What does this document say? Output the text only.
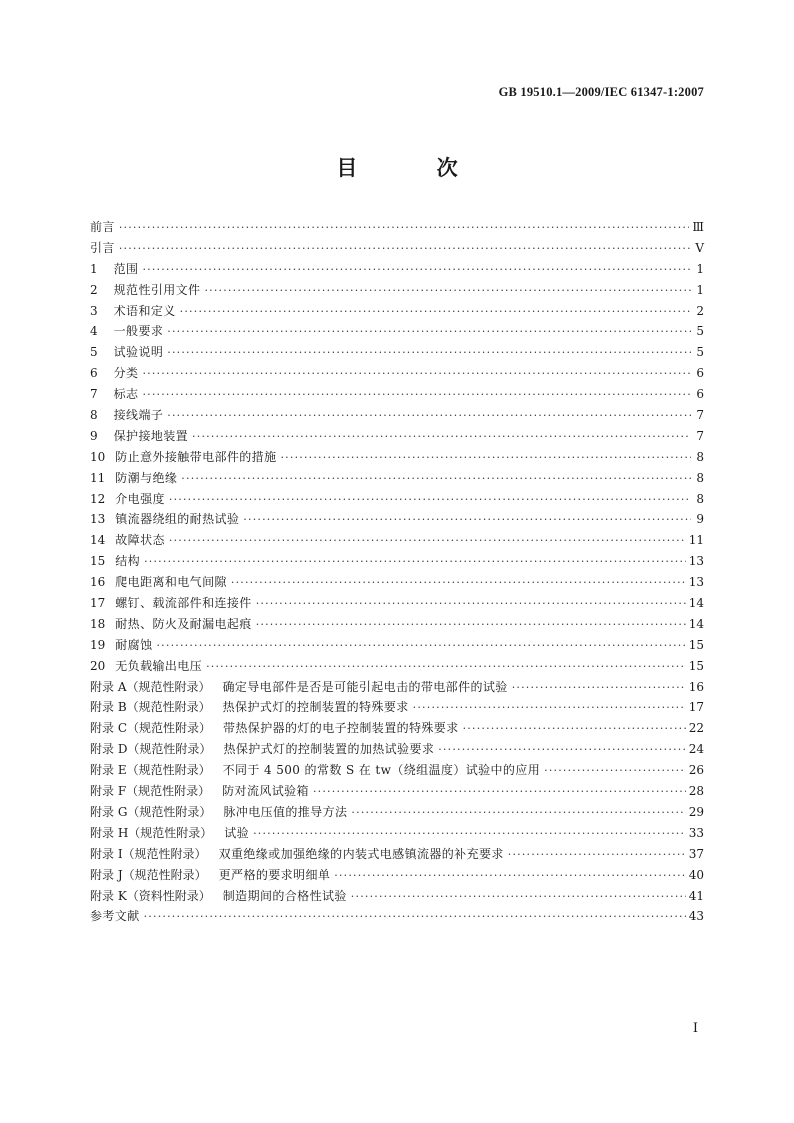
GB 19510.1—2009/IEC 61347-1:2007
目 次
前言 ·····	Ⅲ
引言 ·····	Ⅴ
1 范围 ·····	1
2 规范性引用文件 ·····	1
3 术语和定义 ·····	2
4 一般要求 ·····	5
5 试验说明 ·····	5
6 分类 ·····	6
7 标志 ·····	6
8 接线端子 ·····	7
9 保护接地装置 ·····	7
10 防止意外接触带电部件的措施 ·····	8
11 防潮与绝缘 ·····	8
12 介电强度 ·····	8
13 镇流器绕组的耐热试验 ·····	9
14 故障状态 ·····	11
15 结构 ·····	13
16 爬电距离和电气间隙 ·····	13
17 螺钉、载流部件和连接件 ·····	14
18 耐热、防火及耐漏电起痕 ·····	14
19 耐腐蚀 ·····	15
20 无负载输出电压 ·····	15
附录 A（规范性附录） 确定导电部件是否是可能引起电击的带电部件的试验 ·····	16
附录 B（规范性附录） 热保护式灯的控制装置的特殊要求 ·····	17
附录 C（规范性附录） 带热保护器的灯的电子控制装置的特殊要求 ·····	22
附录 D（规范性附录） 热保护式灯的控制装置的加热试验要求 ·····	24
附录 E（规范性附录） 不同于 4 500 的常数 S 在 tw（绕组温度）试验中的应用 ·····	26
附录 F（规范性附录） 防对流风试验箱 ·····	28
附录 G（规范性附录） 脉冲电压值的推导方法 ·····	29
附录 H（规范性附录） 试验 ·····	33
附录 I（规范性附录） 双重绝缘或加强绝缘的内装式电感镇流器的补充要求 ·····	37
附录 J（规范性附录） 更严格的要求明细单 ·····	40
附录 K（资料性附录） 制造期间的合格性试验 ·····	41
参考文献 ·····	43
Ⅰ
